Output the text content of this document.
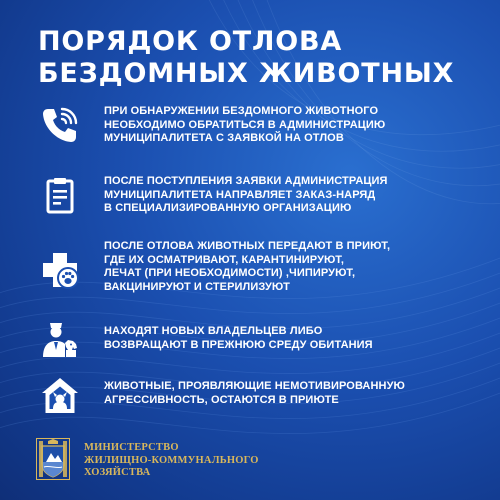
ПОРЯДОК ОТЛОВА
БЕЗДОМНЫХ ЖИВОТНЫХ

ПРИ ОБНАРУЖЕНИИ БЕЗДОМНОГО ЖИВОТНОГО
НЕОБХОДИМО ОБРАТИТЬСЯ В АДМИНИСТРАЦИЮ
МУНИЦИПАЛИТЕТА С ЗАЯВКОЙ НА ОТЛОВ

ПОСЛЕ ПОСТУПЛЕНИЯ ЗАЯВКИ АДМИНИСТРАЦИЯ
МУНИЦИПАЛИТЕТА НАПРАВЛЯЕТ ЗАКАЗ-НАРЯД
В СПЕЦИАЛИЗИРОВАННУЮ ОРГАНИЗАЦИЮ

ПОСЛЕ ОТЛОВА ЖИВОТНЫХ ПЕРЕДАЮТ В ПРИЮТ,
ГДЕ ИХ ОСМАТРИВАЮТ, КАРАНТИНИРУЮТ,
ЛЕЧАТ (ПРИ НЕОБХОДИМОСТИ) ,ЧИПИРУЮТ,
ВАКЦИНИРУЮТ И СТЕРИЛИЗУЮТ

НАХОДЯТ НОВЫХ ВЛАДЕЛЬЦЕВ ЛИБО
ВОЗВРАЩАЮТ В ПРЕЖНЮЮ СРЕДУ ОБИТАНИЯ

ЖИВОТНЫЕ, ПРОЯВЛЯЮЩИЕ НЕМОТИВИРОВАННУЮ
АГРЕССИВНОСТЬ, ОСТАЮТСЯ В ПРИЮТЕ

МИНИСТЕРСТВО
ЖИЛИЩНО-КОММУНАЛЬНОГО
ХОЗЯЙСТВА
